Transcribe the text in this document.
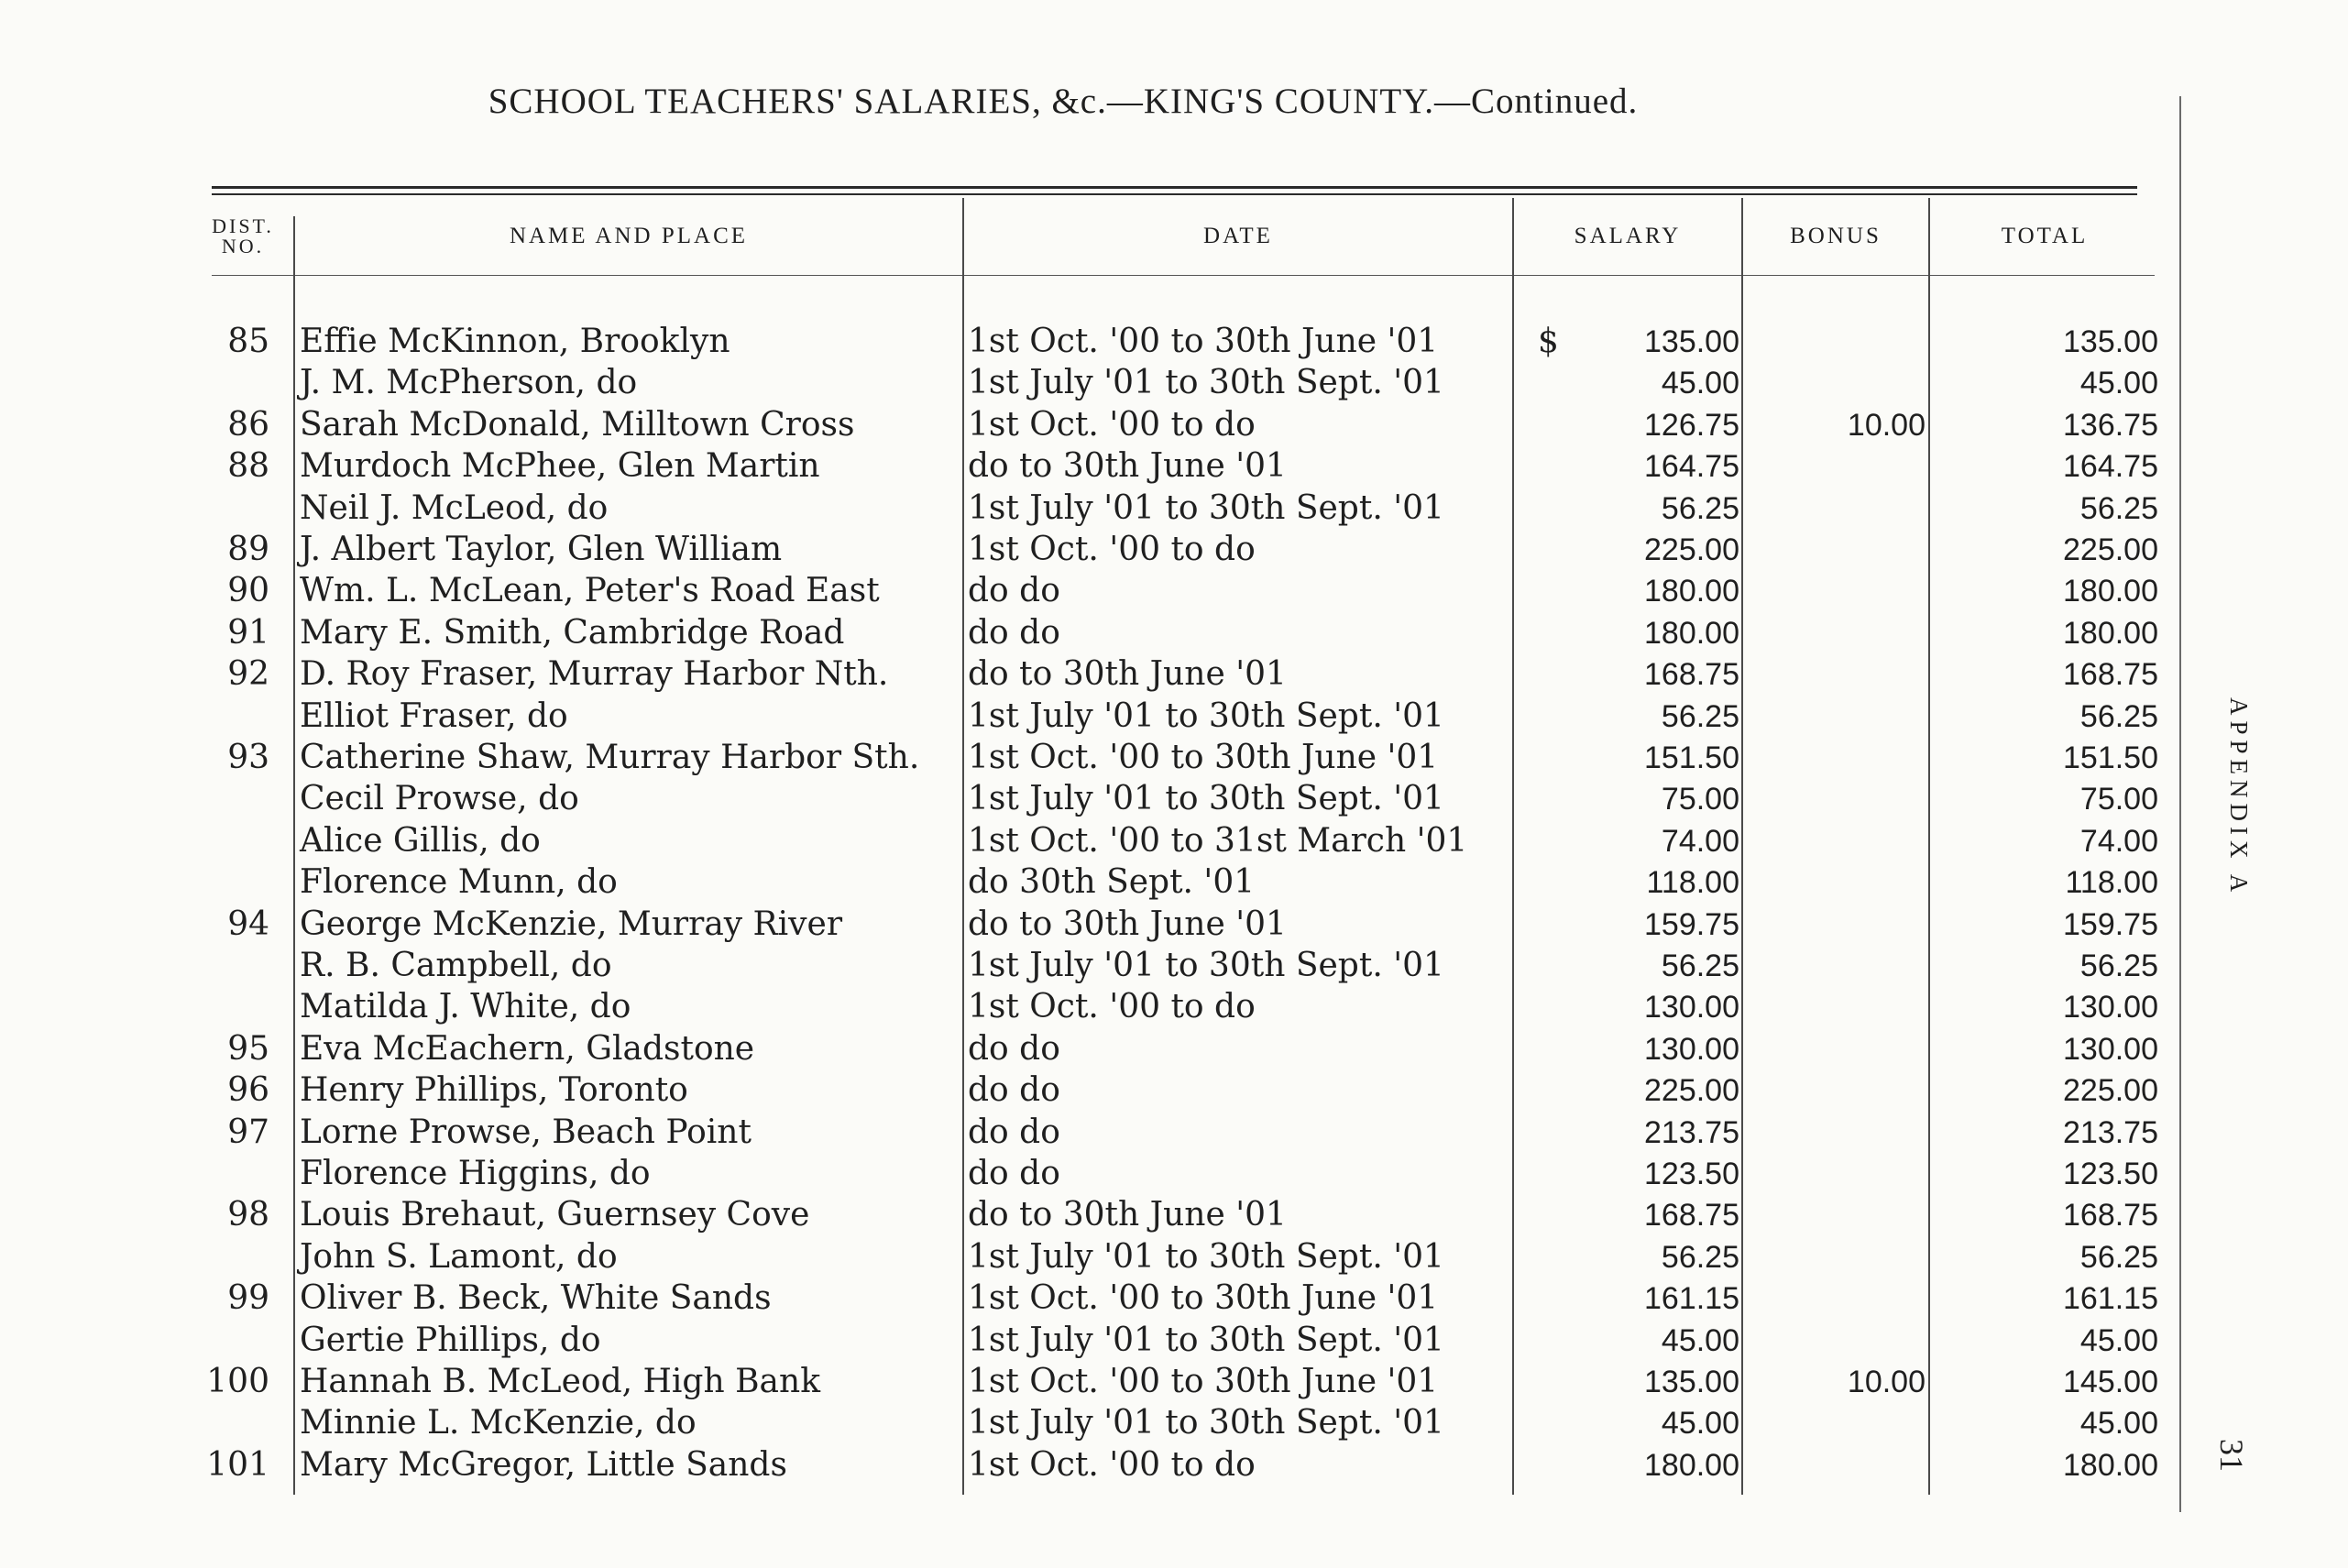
SCHOOL TEACHERS' SALARIES, &c.—KING'S COUNTY.—Continued.
DIST.
NO.	NAME AND PLACE	DATE	SALARY	BONUS	TOTAL
$
85 Effie McKinnon, Brooklyn	1st Oct. '00 to 30th June '01	135.00	135.00
J. M. McPherson, do	1st July '01 to 30th Sept. '01	45.00	45.00
86 Sarah McDonald, Milltown Cross	1st Oct. '00 to do	126.75	10.00	136.75
88 Murdoch McPhee, Glen Martin	do to 30th June '01	164.75	164.75
Neil J. McLeod, do	1st July '01 to 30th Sept. '01	56.25	56.25
89 J. Albert Taylor, Glen William	1st Oct. '00 to do	225.00	225.00
90 Wm. L. McLean, Peter's Road East	do do	180.00	180.00
91 Mary E. Smith, Cambridge Road	do do	180.00	180.00
92 D. Roy Fraser, Murray Harbor Nth.	do to 30th June '01	168.75	168.75
Elliot Fraser, do	1st July '01 to 30th Sept. '01	56.25	56.25
93 Catherine Shaw, Murray Harbor Sth.	1st Oct. '00 to 30th June '01	151.50	151.50
Cecil Prowse, do	1st July '01 to 30th Sept. '01	75.00	75.00
Alice Gillis, do	1st Oct. '00 to 31st March '01	74.00	74.00
Florence Munn, do	do 30th Sept. '01	118.00	118.00
94 George McKenzie, Murray River	do to 30th June '01	159.75	159.75
R. B. Campbell, do	1st July '01 to 30th Sept. '01	56.25	56.25
Matilda J. White, do	1st Oct. '00 to do	130.00	130.00
95 Eva McEachern, Gladstone	do do	130.00	130.00
96 Henry Phillips, Toronto	do do	225.00	225.00
97 Lorne Prowse, Beach Point	do do	213.75	213.75
Florence Higgins, do	do do	123.50	123.50
98 Louis Brehaut, Guernsey Cove	do to 30th June '01	168.75	168.75
John S. Lamont, do	1st July '01 to 30th Sept. '01	56.25	56.25
99 Oliver B. Beck, White Sands	1st Oct. '00 to 30th June '01	161.15	161.15
Gertie Phillips, do	1st July '01 to 30th Sept. '01	45.00	45.00
100 Hannah B. McLeod, High Bank	1st Oct. '00 to 30th June '01	135.00	10.00	145.00
Minnie L. McKenzie, do	1st July '01 to 30th Sept. '01	45.00	45.00
101 Mary McGregor, Little Sands	1st Oct. '00 to do	180.00	180.00
APPENDIX A
31
